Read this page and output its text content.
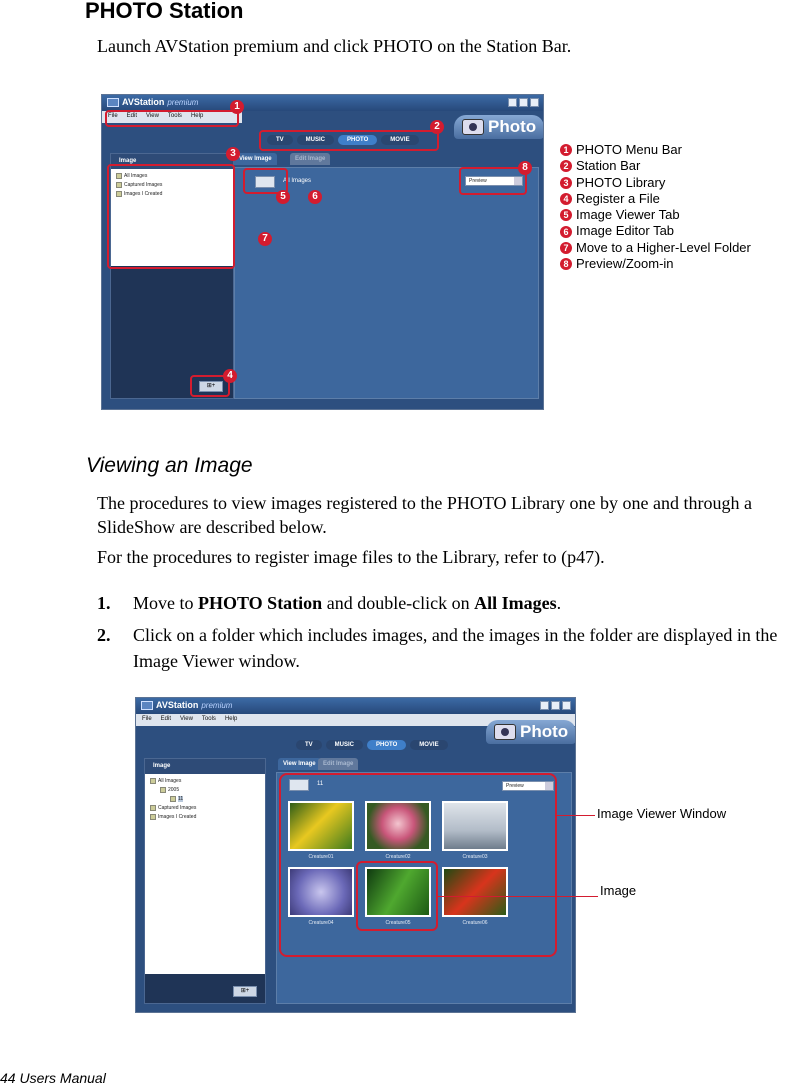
PHOTO Station
Launch AVStation premium and click PHOTO on the Station Bar.
AVStation premium
File Edit View Tools Help
TV	MUSIC	PHOTO	MOVIE
Photo
Image
All Images
Captured Images
Images I Created
⊞+
View Image	Edit Image
All Images	Preview
1
2
3
4
5	6
7
8
1 PHOTO Menu Bar
2 Station Bar
3 PHOTO Library
4 Register a File
5 Image Viewer Tab
6 Image Editor Tab
7 Move to a Higher-Level Folder
8 Preview/Zoom-in
Viewing an Image
The procedures to view images registered to the PHOTO Library one by one and through a SlideShow are described below.
For the procedures to register image files to the Library, refer to (p47).
1. Move to PHOTO Station and double-click on All Images.
2. Click on a folder which includes images, and the images in the folder are displayed in the Image Viewer window.
AVStation premium
File Edit View Tools Help
TV	MUSIC	PHOTO	MOVIE
Photo
Image
All Images
2005
11
Captured Images
Images I Created
⊞+
View Image	Edit Image
11	Preview
Creature01	Creature02	Creature03
Creature04	Creature05	Creature06
Image Viewer Window
Image
44 Users Manual
